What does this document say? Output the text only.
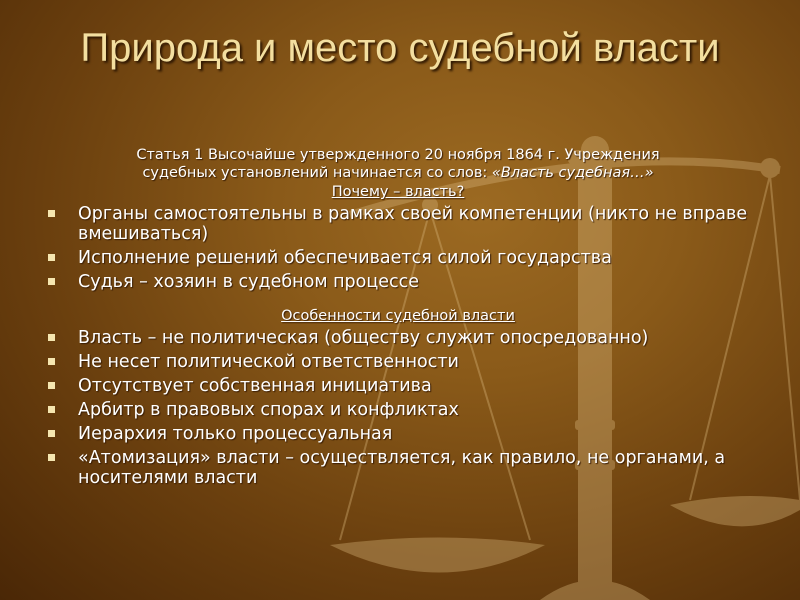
Природа и место судебной власти
Статья 1 Высочайше утвержденного 20 ноября 1864 г. Учреждения
судебных установлений начинается со слов: «Власть судебная…»
Почему – власть?
Органы самостоятельны в рамках своей компетенции (никто не вправе вмешиваться)
Исполнение решений обеспечивается силой государства
Судья – хозяин в судебном процессе
Особенности судебной власти
Власть – не политическая (обществу служит опосредованно)
Не несет политической ответственности
Отсутствует собственная инициатива
Арбитр в правовых спорах и конфликтах
Иерархия только процессуальная
«Атомизация» власти – осуществляется, как правило, не органами, а носителями власти
